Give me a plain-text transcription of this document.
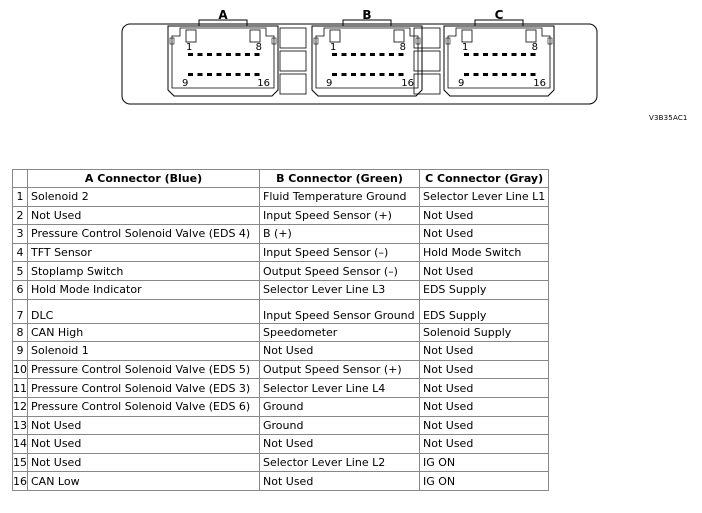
A
1	8
9	16
B
1	8
9	16
C
1	8
9	16
V3B35AC1
	A Connector (Blue)	B Connector (Green)	C Connector (Gray)
1	Solenoid 2	Fluid Temperature Ground	Selector Lever Line L1
2	Not Used	Input Speed Sensor (+)	Not Used
3	Pressure Control Solenoid Valve (EDS 4)	B (+)	Not Used
4	TFT Sensor	Input Speed Sensor (–)	Hold Mode Switch
5	Stoplamp Switch	Output Speed Sensor (–)	Not Used
6	Hold Mode Indicator	Selector Lever Line L3	EDS Supply
7	DLC	Input Speed Sensor Ground	EDS Supply
8	CAN High	Speedometer	Solenoid Supply
9	Solenoid 1	Not Used	Not Used
10	Pressure Control Solenoid Valve (EDS 5)	Output Speed Sensor (+)	Not Used
11	Pressure Control Solenoid Valve (EDS 3)	Selector Lever Line L4	Not Used
12	Pressure Control Solenoid Valve (EDS 6)	Ground	Not Used
13	Not Used	Ground	Not Used
14	Not Used	Not Used	Not Used
15	Not Used	Selector Lever Line L2	IG ON
16	CAN Low	Not Used	IG ON
